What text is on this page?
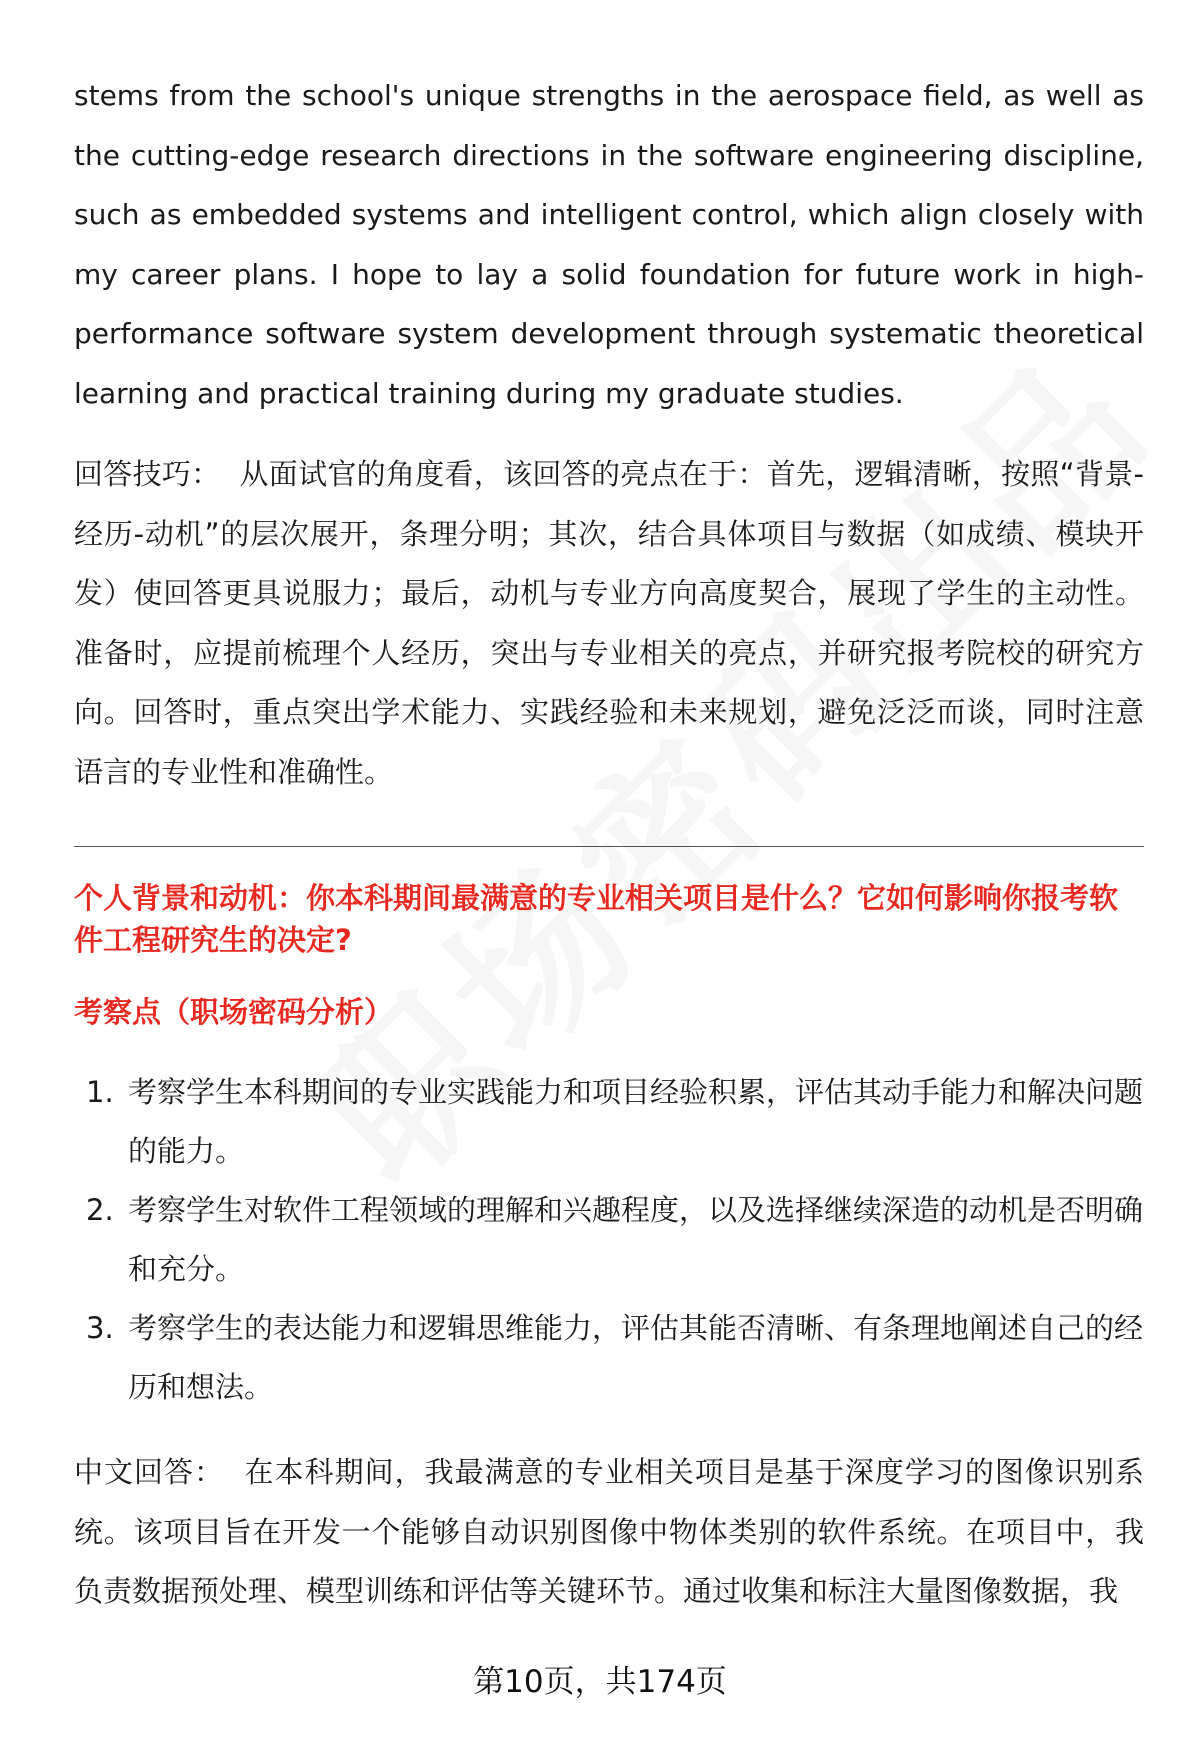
stems from the school's unique strengths in the aerospace field, as well as the cutting-edge research directions in the software engineering discipline, such as embedded systems and intelligent control, which align closely with my career plans. I hope to lay a solid foundation for future work in high-performance software system development through systematic theoretical learning and practical training during my graduate studies.

回答技巧： 从面试官的角度看，该回答的亮点在于：首先，逻辑清晰，按照“背景-经历-动机”的层次展开，条理分明；其次，结合具体项目与数据（如成绩、模块开发）使回答更具说服力；最后，动机与专业方向高度契合，展现了学生的主动性。准备时，应提前梳理个人经历，突出与专业相关的亮点，并研究报考院校的研究方向。回答时，重点突出学术能力、实践经验和未来规划，避免泛泛而谈，同时注意语言的专业性和准确性。

个人背景和动机：你本科期间最满意的专业相关项目是什么？它如何影响你报考软件工程研究生的决定?

考察点（职场密码分析）

1. 考察学生本科期间的专业实践能力和项目经验积累，评估其动手能力和解决问题的能力。
2. 考察学生对软件工程领域的理解和兴趣程度，以及选择继续深造的动机是否明确和充分。
3. 考察学生的表达能力和逻辑思维能力，评估其能否清晰、有条理地阐述自己的经历和想法。

中文回答： 在本科期间，我最满意的专业相关项目是基于深度学习的图像识别系统。该项目旨在开发一个能够自动识别图像中物体类别的软件系统。在项目中，我负责数据预处理、模型训练和评估等关键环节。通过收集和标注大量图像数据，我

第10页，共174页
